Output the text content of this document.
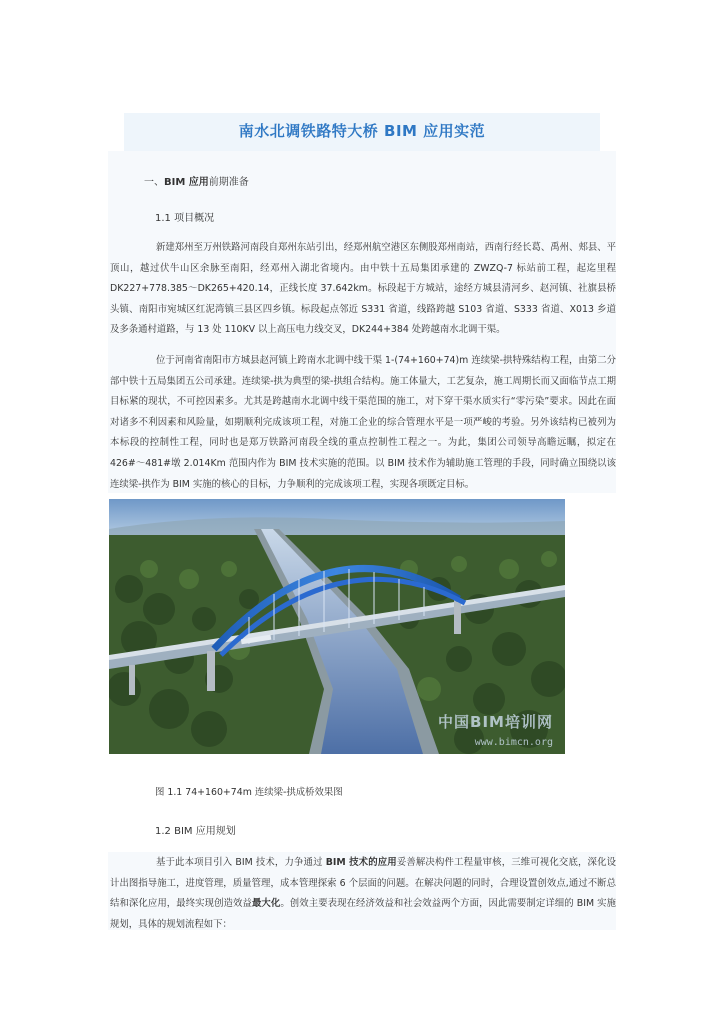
南水北调铁路特大桥 BIM 应用实范
一、BIM 应用前期准备
1.1 项目概况

新建郑州至万州铁路河南段自郑州东站引出，经郑州航空港区东侧股郑州南站，西南行经长葛、禹州、郏县、平顶山，越过伏牛山区余脉至南阳，经邓州入湖北省境内。由中铁十五局集团承建的 ZWZQ-7 标站前工程，起迄里程 DK227+778.385～DK265+420.14，正线长度 37.642km。标段起于方城站，途经方城县清河乡、赵河镇、社旗县桥头镇、南阳市宛城区红泥湾镇三县区四乡镇。标段起点邻近 S331 省道，线路跨越 S103 省道、S333 省道、X013 乡道及多条通村道路，与 13 处 110KV 以上高压电力线交叉，DK244+384 处跨越南水北调干渠。

位于河南省南阳市方城县赵河镇上跨南水北调中线干渠 1-(74+160+74)m 连续梁-拱特殊结构工程，由第二分部中铁十五局集团五公司承建。连续梁-拱为典型的梁-拱组合结构。施工体量大，工艺复杂，施工周期长而又面临节点工期目标紧的现状，不可控因素多。尤其是跨越南水北调中线干渠范围的施工，对下穿干渠水质实行“零污染”要求。因此在面对诸多不利因素和风险量，如期顺利完成该项工程，对施工企业的综合管理水平是一项严峻的考验。另外该结构已被列为本标段的控制性工程，同时也是郑万铁路河南段全线的重点控制性工程之一。为此，集团公司领导高瞻远瞩，拟定在 426#～481#墩 2.014Km 范围内作为 BIM 技术实施的范围。以 BIM 技术作为辅助施工管理的手段，同时确立围绕以该连续梁-拱作为 BIM 实施的核心的目标，力争顺利的完成该项工程，实现各项既定目标。

中国BIM培训网
www.bimcn.org
图 1.1 74+160+74m 连续梁-拱成桥效果图
1.2 BIM 应用规划

基于此本项目引入 BIM 技术，力争通过 BIM 技术的应用妥善解决构件工程量审核，三维可视化交底，深化设计出图指导施工，进度管理，质量管理，成本管理探索 6 个层面的问题。在解决问题的同时，合理设置创效点,通过不断总结和深化应用，最终实现创造效益最大化。创效主要表现在经济效益和社会效益两个方面，因此需要制定详细的 BIM 实施规划，具体的规划流程如下：
